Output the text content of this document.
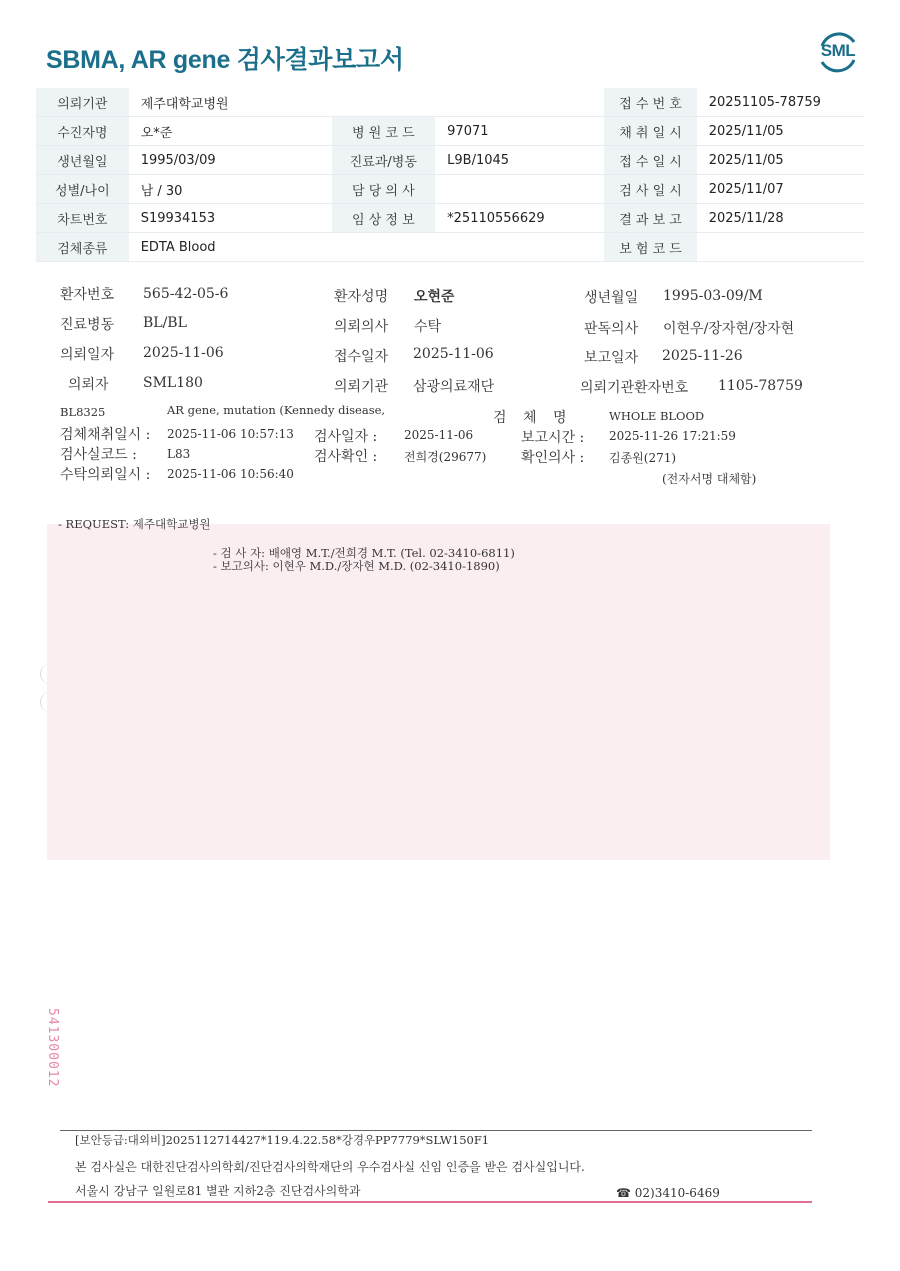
SBMA, AR gene 검사결과보고서	SML
의뢰기관	제주대학교병원			접 수 번 호	20251105-78759
수진자명	오*준	병 원 코 드	97071	채 취 일 시	2025/11/05
생년월일	1995/03/09	진료과/병동	L9B/1045	접 수 일 시	2025/11/05
성별/나이	남 / 30	담 당 의 사		검 사 일 시	2025/11/07
차트번호	S19934153	임 상 정 보	*25110556629	결 과 보 고	2025/11/28
검체종류	EDTA Blood			보 험 코 드	
환자번호 565-42-05-6	환자성명 오현준	생년월일 1995-03-09/M
진료병동 BL/BL	의뢰의사 수탁	판독의사 이현우/장자현/장자현
의뢰일자 2025-11-06	접수일자 2025-11-06	보고일자 2025-11-26
의뢰자 SML180	의뢰기관 삼광의료재단	의뢰기관환자번호 1105-78759
BL8325	AR gene, mutation (Kennedy disease,	검 체 명	WHOLE BLOOD
검체채취일시 : 2025-11-06 10:57:13 검사일자 : 2025-11-06	보고시간 : 2025-11-26 17:21:59
검사실코드 :	L83	검사확인 : 전희경(29677) 확인의사 : 김종원(271)
수탁의뢰일시 : 2025-11-06 10:56:40	(전자서명 대체함)
- REQUEST: 제주대학교병원
- 검 사 자: 배애영 M.T./전희경 M.T. (Tel. 02-3410-6811)
- 보고의사: 이현우 M.D./장자현 M.D. (02-3410-1890)
541300012
[보안등급:대외비]2025112714427*119.4.22.58*강경우PP7779*SLW150F1
본 검사실은 대한진단검사의학회/진단검사의학재단의 우수검사실 신임 인증을 받은 검사실입니다.
서울시 강남구 일원로81 별관 지하2층 진단검사의학과	☎ 02)3410-6469
